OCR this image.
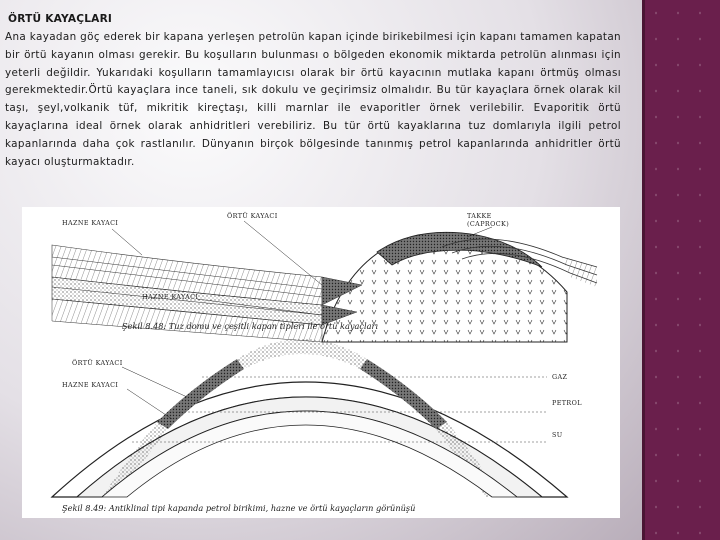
ÖRTÜ KAYAÇLARI
Ana kayadan göç ederek bir kapana yerleşen petrolün kapan içinde birikebilmesi için kapanı tamamen kapatan bir örtü kayanın olması gerekir. Bu koşulların bulunması o bölgeden ekonomik miktarda petrolün alınması için yeterli değildir. Yukarıdaki koşulların tamamlayıcısı olarak bir örtü kayacının mutlaka kapanı örtmüş olması gerekmektedir.Örtü kayaçlara ince taneli, sık dokulu ve geçirimsiz olmalıdır. Bu tür kayaçlara örnek olarak kil taşı, şeyl,volkanik tüf, mikritik kireçtaşı, killi marnlar ile evaporitler örnek verilebilir. Evaporitik örtü kayaçlarına ideal örnek olarak anhidritleri verebiliriz. Bu tür örtü kayaklarına tuz domlarıyla ilgili petrol kapanlarında daha çok rastlanılır. Dünyanın birçok bölgesinde tanınmış petrol kapanlarında anhidritler örtü kayacı oluşturmaktadır.
HAZNE KAYACI
ÖRTÜ KAYACI	TAKKE
(CAPROCK)
HAZNE KAYACI
Şekil 8.48: Tuz domu ve çeşitli kapan tipleri ile örtü kayaçları
ÖRTÜ KAYACI
HAZNE KAYACI
GAZ
PETROL
SU
Şekil 8.49: Antiklinal tipi kapanda petrol birikimi, hazne ve örtü kayaçların görünüşü
